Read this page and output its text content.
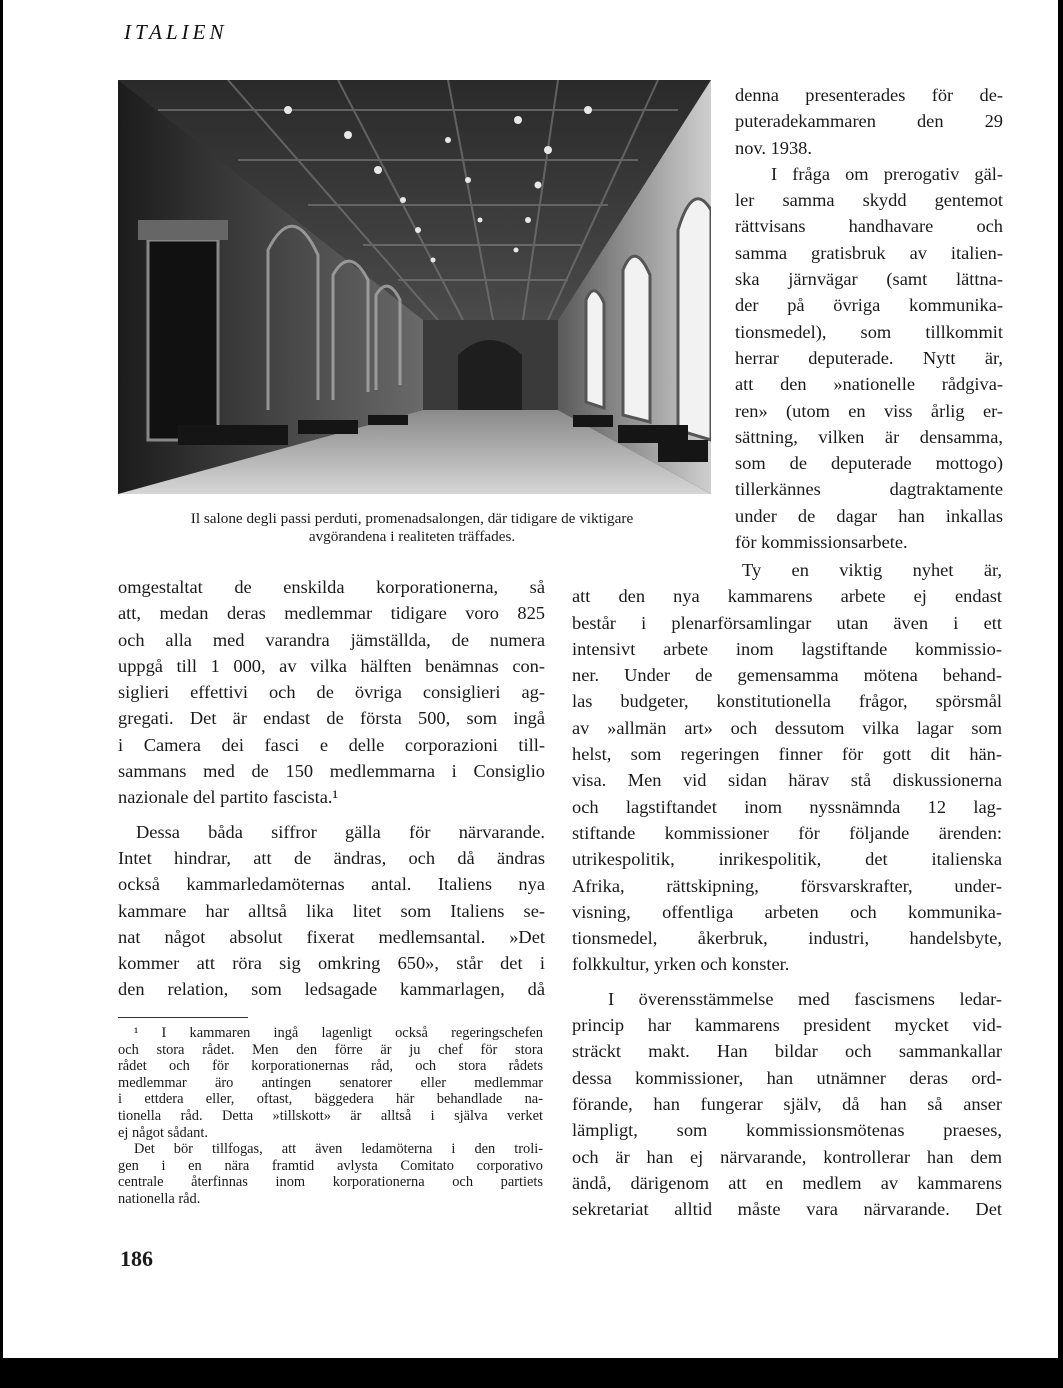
ITALIEN
Il salone degli passi perduti, promenadsalongen, där tidigare de viktigare
avgörandena i realiteten träffades.

denna presenterades för de-

puteradekammaren den 29

nov. 1938.

I fråga om prerogativ gäl-

ler samma skydd gentemot

rättvisans handhavare och

samma gratisbruk av italien-

ska järnvägar (samt lättna-

der på övriga kommunika-

tionsmedel), som tillkommit

herrar deputerade. Nytt är,

att den »nationelle rådgiva-

ren» (utom en viss årlig er-

sättning, vilken är densamma,

som de deputerade mottogo)

tillerkännes dagtraktamente

under de dagar han inkallas

för kommissionsarbete.

Ty en viktig nyhet är,

att den nya kammarens arbete ej endast

består i plenarförsamlingar utan även i ett

intensivt arbete inom lagstiftande kommissio-

ner. Under de gemensamma mötena behand-

las budgeter, konstitutionella frågor, spörsmål

av »allmän art» och dessutom vilka lagar som

helst, som regeringen finner för gott dit hän-

visa. Men vid sidan härav stå diskussionerna

och lagstiftandet inom nyssnämnda 12 lag-

stiftande kommissioner för följande ärenden:

utrikespolitik, inrikespolitik, det italienska

Afrika, rättskipning, försvarskrafter, under-

visning, offentliga arbeten och kommunika-

tionsmedel, åkerbruk, industri, handelsbyte,

folkkultur, yrken och konster.

I överensstämmelse med fascismens ledar-

princip har kammarens president mycket vid-

sträckt makt. Han bildar och sammankallar

dessa kommissioner, han utnämner deras ord-

förande, han fungerar själv, då han så anser

lämpligt, som kommissionsmötenas praeses,

och är han ej närvarande, kontrollerar han dem

ändå, därigenom att en medlem av kammarens

sekretariat alltid måste vara närvarande. Det

omgestaltat de enskilda korporationerna, så

att, medan deras medlemmar tidigare voro 825

och alla med varandra jämställda, de numera

uppgå till 1 000, av vilka hälften benämnas con-

siglieri effettivi och de övriga consiglieri ag-

gregati. Det är endast de första 500, som ingå

i Camera dei fasci e delle corporazioni till-

sammans med de 150 medlemmarna i Consiglio

nazionale del partito fascista.¹

Dessa båda siffror gälla för närvarande.

Intet hindrar, att de ändras, och då ändras

också kammarledamöternas antal. Italiens nya

kammare har alltså lika litet som Italiens se-

nat något absolut fixerat medlemsantal. »Det

kommer att röra sig omkring 650», står det i

den relation, som ledsagade kammarlagen, då

¹ I kammaren ingå lagenligt också regeringschefen

och stora rådet. Men den förre är ju chef för stora

rådet och för korporationernas råd, och stora rådets

medlemmar äro antingen senatorer eller medlemmar

i ettdera eller, oftast, bäggedera här behandlade na-

tionella råd. Detta »tillskott» är alltså i själva verket

ej något sådant.

Det bör tillfogas, att även ledamöterna i den troli-

gen i en nära framtid avlysta Comitato corporativo

centrale återfinnas inom korporationerna och partiets

nationella råd.

186
